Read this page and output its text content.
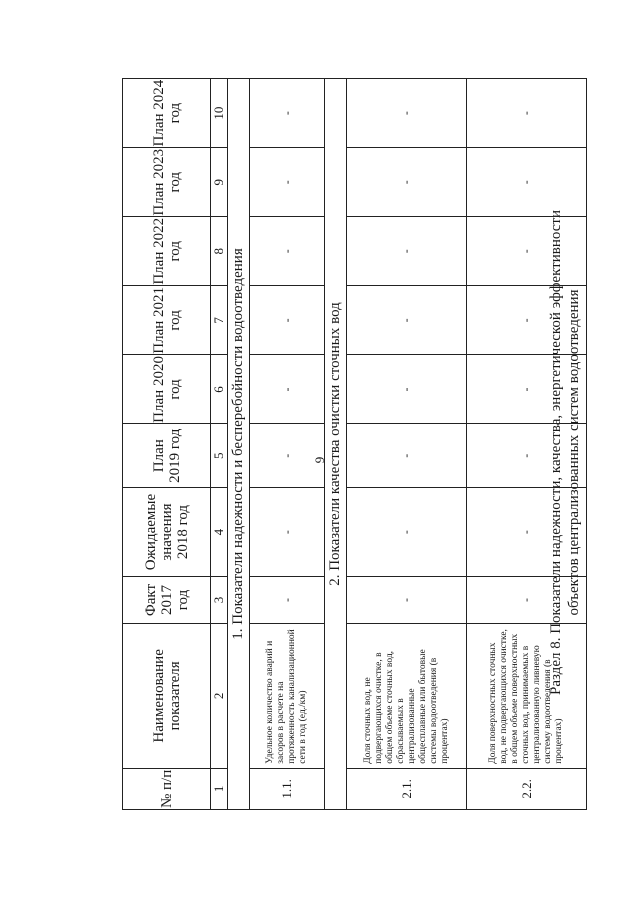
9	Раздел 8. Показатели надежности, качества, энергетической эффективности объектов централизованных систем водоотведения
№ п/п	Наименование показателя	Факт 2017 год	Ожидаемые значения 2018 год	План 2019 год	План 2020 год	План 2021 год	План 2022 год	План 2023 год	План 2024 год
1	2	3	4	5	6	7	8	9	10
1. Показатели надежности и бесперебойности водоотведения									
1.1.	Удельное количество аварий и засоров в расчете на протяженность канализационной сети в год (ед./км)	-	-	-	-	-	-	-	-
2. Показатели качества очистки сточных вод									
2.1.	Доля сточных вод, не подвергающихся очистке, в общем объеме сточных вод, сбрасываемых в централизованные общесплавные или бытовые системы водоотведения (в процентах)	-	-	-	-	-	-	-	-
2.2.	Доля поверхностных сточных вод, не подвергающихся очистке, в общем объеме поверхностных сточных вод, принимаемых в централизованную ливневую систему водоотведения (в процентах)	-	-	-	-	-	-	-	-
